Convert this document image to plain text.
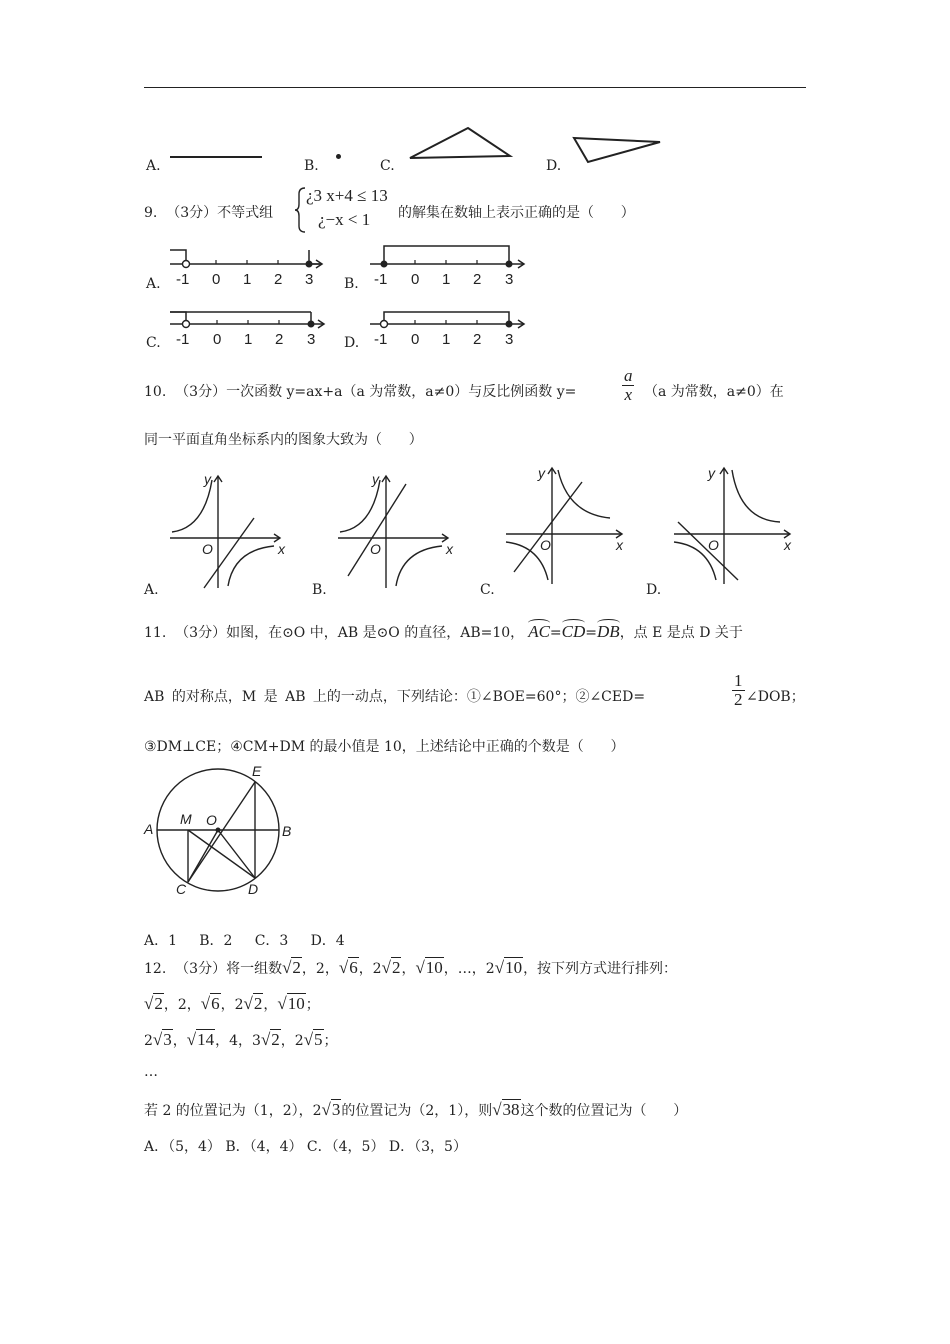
A.	B.	C.	D.
9.  （3分）不等式组
¿3 x+4 ≤ 13
¿−x < 1 的解集在数轴上表示正确的是（      ）
A. -1 0 1 2 3 B. -1 0 1 2 3
C. -1 0 1 2 3 D. -1 0 1 2 3
10.  （3分）一次函数 y=ax+a（a 为常数，a≠0）与反比例函数 y=	$\frac{a}{x} (a$ 为常数，a≠0）在
同一平面直角坐标系内的图象大致为（      ）
y
x
O
A.
y
x
O
B.
y
x
O
C.
y
x
O
D.
11.  （3分）如图，在⊙O 中，AB 是⊙O 的直径，AB=10， AC = CD = DB ，点 E 是点 D 关于
AB 的对称点，M 是 AB 上的一动点，下列结论：①∠BOE=60°；②∠CED=	$\frac{1}{2}$ ∠DOB；
③DM⊥CE；④CM+DM 的最小值是 10，上述结论中正确的个数是（      ）
A	B
C	D
E
M O
A．1     B．2     C．3     D．4
12.  （3分）将一组数 √2 ，2， √6 ，2 √2 ， √10 ，…，2 √10 ，按下列方式进行排列：
√2 ，2， √6 ，2 √2 ， √10 ；
2 √3 ， √14 ，4，3 √2 ，2 √5 ；
…
若 2 的位置记为（1，2），2 √3 的位置记为（2，1），则 √38 这个数的位置记为（      ）
A．（5，4） B．（4，4） C．（4，5） D．（3，5）
